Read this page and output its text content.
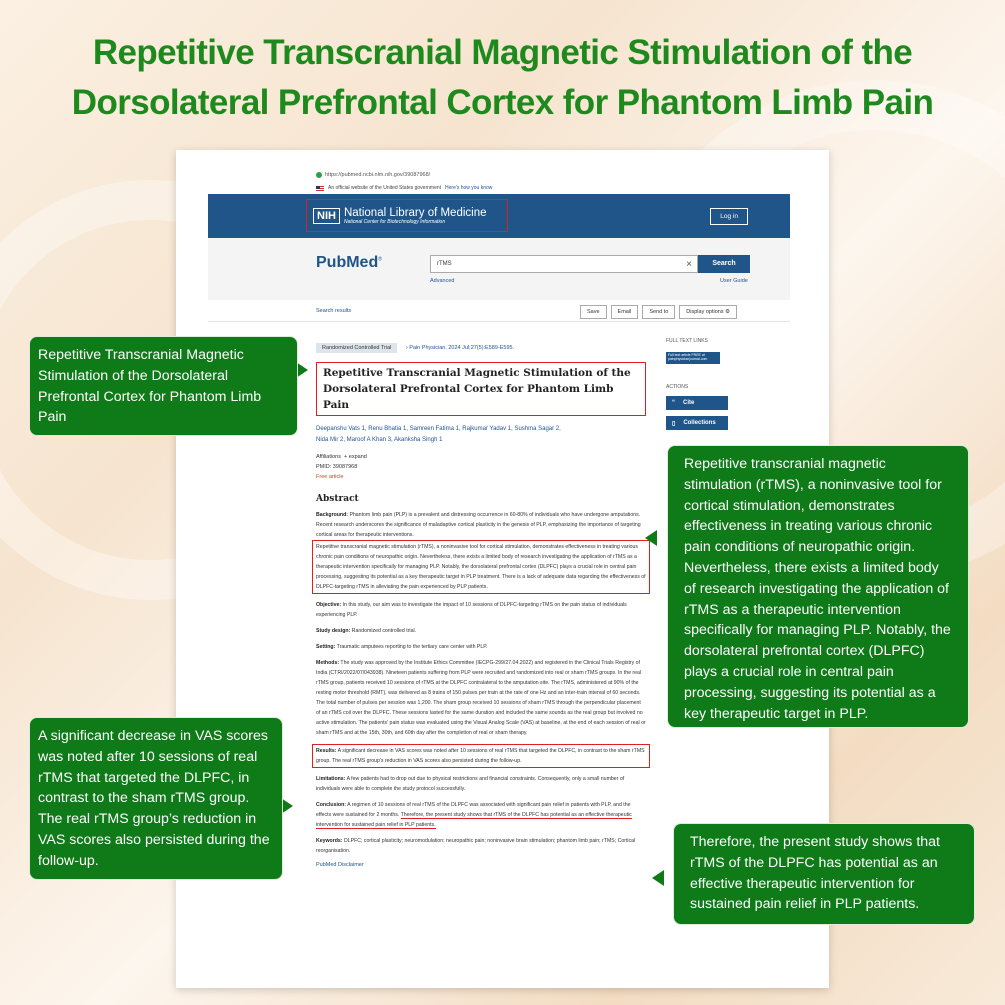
Repetitive Transcranial Magnetic Stimulation of the
Dorsolateral Prefrontal Cortex for Phantom Limb Pain
https://pubmed.ncbi.nlm.nih.gov/39087968/
An official website of the United States government Here's how you know
NIH National Library of Medicine
National Center for Biotechnology Information
Log in
PubMed®
rTMS	×	Search
Advanced	User Guide
Search results	Save	Email	Send to	Display options ⚙
Randomized Controlled Trial	› Pain Physician. 2024 Jul;27(5):E589-E595.
Repetitive Transcranial Magnetic Stimulation of the Dorsolateral Prefrontal Cortex for Phantom Limb Pain
Deepanshu Vats 1, Renu Bhatia 1, Samreen Fatima 1, Rajkumar Yadav 1, Sushma Sagar 2,
Nida Mir 2, Maroof A Khan 3, Akanksha Singh 1
Affiliations + expand
PMID: 39087968
Free article
Abstract
Background: Phantom limb pain (PLP) is a prevalent and distressing occurrence in 60-80% of individuals who have undergone amputations. Recent research underscores the significance of maladaptive cortical plasticity in the genesis of PLP, emphasizing the importance of targeting cortical areas for therapeutic interventions.
Repetitive transcranial magnetic stimulation (rTMS), a noninvasive tool for cortical stimulation, demonstrates effectiveness in treating various chronic pain conditions of neuropathic origin. Nevertheless, there exists a limited body of research investigating the application of rTMS as a therapeutic intervention specifically for managing PLP. Notably, the dorsolateral prefrontal cortex (DLPFC) plays a crucial role in central pain processing, suggesting its potential as a key therapeutic target in PLP treatment. There is a lack of adequate data regarding the effectiveness of DLPFC-targeting rTMS in alleviating the pain experienced by PLP patients.
Objective: In this study, our aim was to investigate the impact of 10 sessions of DLPFC-targeting rTMS on the pain status of individuals experiencing PLP.
Study design: Randomized controlled trial.
Setting: Traumatic amputees reporting to the tertiary care center with PLP.
Methods: The study was approved by the Institute Ethics Committee (IECPG-299/27.04.2022) and registered in the Clinical Trials Registry of India (CTRI/2022/07/043938). Nineteen patients suffering from PLP were recruited and randomized into real or sham rTMS groups. In the real rTMS group, patients received 10 sessions of rTMS at the DLPFC contralateral to the amputation site. The rTMS, administered at 90% of the resting motor threshold (RMT), was delivered as 8 trains of 150 pulses per train at the rate of one Hz and an inter-train interval of 60 seconds. The total number of pulses per session was 1,200. The sham group received 10 sessions of sham rTMS through the perpendicular placement of an rTMS coil over the DLPFC. These sessions lasted for the same duration and included the same sounds as the real group but involved no active stimulation. The patients' pain status was evaluated using the Visual Analog Scale (VAS) at baseline, at the end of each session of real or sham rTMS and at the 15th, 30th, and 60th day after the completion of real or sham therapy.
Results: A significant decrease in VAS scores was noted after 10 sessions of real rTMS that targeted the DLPFC, in contrast to the sham rTMS group. The real rTMS group's reduction in VAS scores also persisted during the follow-up.
Limitations: A few patients had to drop out due to physical restrictions and financial constraints. Consequently, only a small number of individuals were able to complete the study protocol successfully.
Conclusion: A regimen of 10 sessions of real rTMS of the DLPFC was associated with significant pain relief in patients with PLP, and the effects were sustained for 2 months. Therefore, the present study shows that rTMS of the DLPFC has potential as an effective therapeutic intervention for sustained pain relief in PLP patients.
Keywords: DLPFC; cortical plasticity; neuromodulation; neuropathic pain; noninvasive brain stimulation; phantom limb pain; rTMS; Cortical reorganisation.
PubMed Disclaimer
FULL TEXT LINKS
Full text article FREE at painphysicianjournal.com
ACTIONS
“ Cite
▯ Collections
Repetitive Transcranial Magnetic Stimulation of the Dorsolateral Prefrontal Cortex for Phantom Limb Pain
Repetitive transcranial magnetic stimulation (rTMS), a noninvasive tool for cortical stimulation, demonstrates effectiveness in treating various chronic pain conditions of neuropathic origin. Nevertheless, there exists a limited body of research investigating the application of rTMS as a therapeutic intervention specifically for managing PLP. Notably, the dorsolateral prefrontal cortex (DLPFC) plays a crucial role in central pain processing, suggesting its potential as a key therapeutic target in PLP.
A significant decrease in VAS scores was noted after 10 sessions of real rTMS that targeted the DLPFC, in contrast to the sham rTMS group. The real rTMS group’s reduction in VAS scores also persisted during the follow-up.
Therefore, the present study shows that rTMS of the DLPFC has potential as an effective therapeutic intervention for sustained pain relief in PLP patients.
